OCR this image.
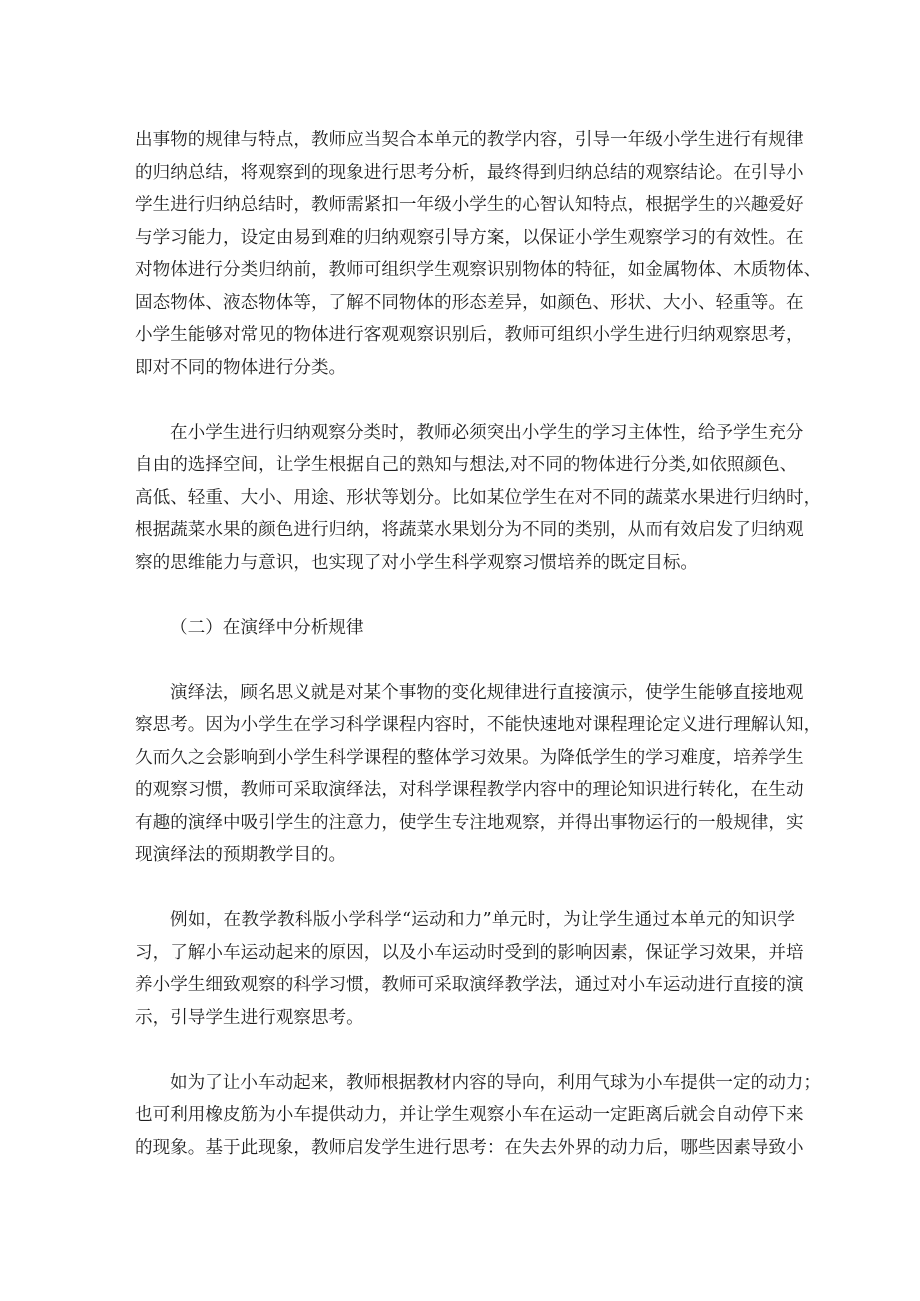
出事物的规律与特点，教师应当契合本单元的教学内容，引导一年级小学生进行有规律
的归纳总结，将观察到的现象进行思考分析，最终得到归纳总结的观察结论。在引导小
学生进行归纳总结时，教师需紧扣一年级小学生的心智认知特点，根据学生的兴趣爱好
与学习能力，设定由易到难的归纳观察引导方案，以保证小学生观察学习的有效性。在
对物体进行分类归纳前，教师可组织学生观察识别物体的特征，如金属物体、木质物体、
固态物体、液态物体等，了解不同物体的形态差异，如颜色、形状、大小、轻重等。在
小学生能够对常见的物体进行客观观察识别后，教师可组织小学生进行归纳观察思考，
即对不同的物体进行分类。
在小学生进行归纳观察分类时，教师必须突出小学生的学习主体性，给予学生充分
自由的选择空间，让学生根据自己的熟知与想法,对不同的物体进行分类,如依照颜色、
高低、轻重、大小、用途、形状等划分。比如某位学生在对不同的蔬菜水果进行归纳时，
根据蔬菜水果的颜色进行归纳，将蔬菜水果划分为不同的类别，从而有效启发了归纳观
察的思维能力与意识，也实现了对小学生科学观察习惯培养的既定目标。
（二）在演绎中分析规律
演绎法，顾名思义就是对某个事物的变化规律进行直接演示，使学生能够直接地观
察思考。因为小学生在学习科学课程内容时，不能快速地对课程理论定义进行理解认知，
久而久之会影响到小学生科学课程的整体学习效果。为降低学生的学习难度，培养学生
的观察习惯，教师可采取演绎法，对科学课程教学内容中的理论知识进行转化，在生动
有趣的演绎中吸引学生的注意力，使学生专注地观察，并得出事物运行的一般规律，实
现演绎法的预期教学目的。
例如，在教学教科版小学科学“运动和力”单元时，为让学生通过本单元的知识学
习，了解小车运动起来的原因，以及小车运动时受到的影响因素，保证学习效果，并培
养小学生细致观察的科学习惯，教师可采取演绎教学法，通过对小车运动进行直接的演
示，引导学生进行观察思考。
如为了让小车动起来，教师根据教材内容的导向，利用气球为小车提供一定的动力；
也可利用橡皮筋为小车提供动力，并让学生观察小车在运动一定距离后就会自动停下来
的现象。基于此现象，教师启发学生进行思考：在失去外界的动力后，哪些因素导致小
